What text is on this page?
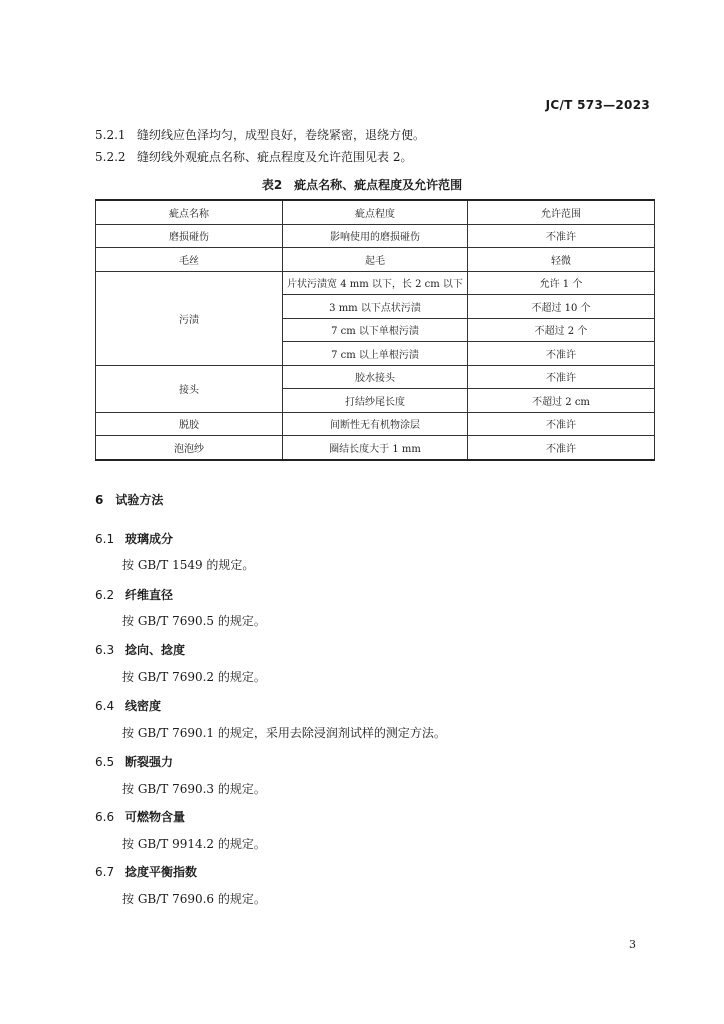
JC/T 573—2023
5.2.1 缝纫线应色泽均匀，成型良好，卷绕紧密，退绕方便。
5.2.2 缝纫线外观疵点名称、疵点程度及允许范围见表 2。
表2　疵点名称、疵点程度及允许范围
疵点名称	疵点程度	允许范围
磨损碰伤	影响使用的磨损碰伤	不准许
毛丝	起毛	轻微
污渍	片状污渍宽 4 mm 以下，长 2 cm 以下	允许 1 个
	3 mm 以下点状污渍	不超过 10 个
	7 cm 以下单根污渍	不超过 2 个
	7 cm 以上单根污渍	不准许
接头	胶水接头	不准许
	打结纱尾长度	不超过 2 cm
脱胶	间断性无有机物涂层	不准许
泡泡纱	圈结长度大于 1 mm	不准许
6　试验方法
6.1 玻璃成分
按 GB/T 1549 的规定。
6.2 纤维直径
按 GB/T 7690.5 的规定。
6.3 捻向、捻度
按 GB/T 7690.2 的规定。
6.4 线密度
按 GB/T 7690.1 的规定，采用去除浸润剂试样的测定方法。
6.5 断裂强力
按 GB/T 7690.3 的规定。
6.6 可燃物含量
按 GB/T 9914.2 的规定。
6.7 捻度平衡指数
按 GB/T 7690.6 的规定。
3
